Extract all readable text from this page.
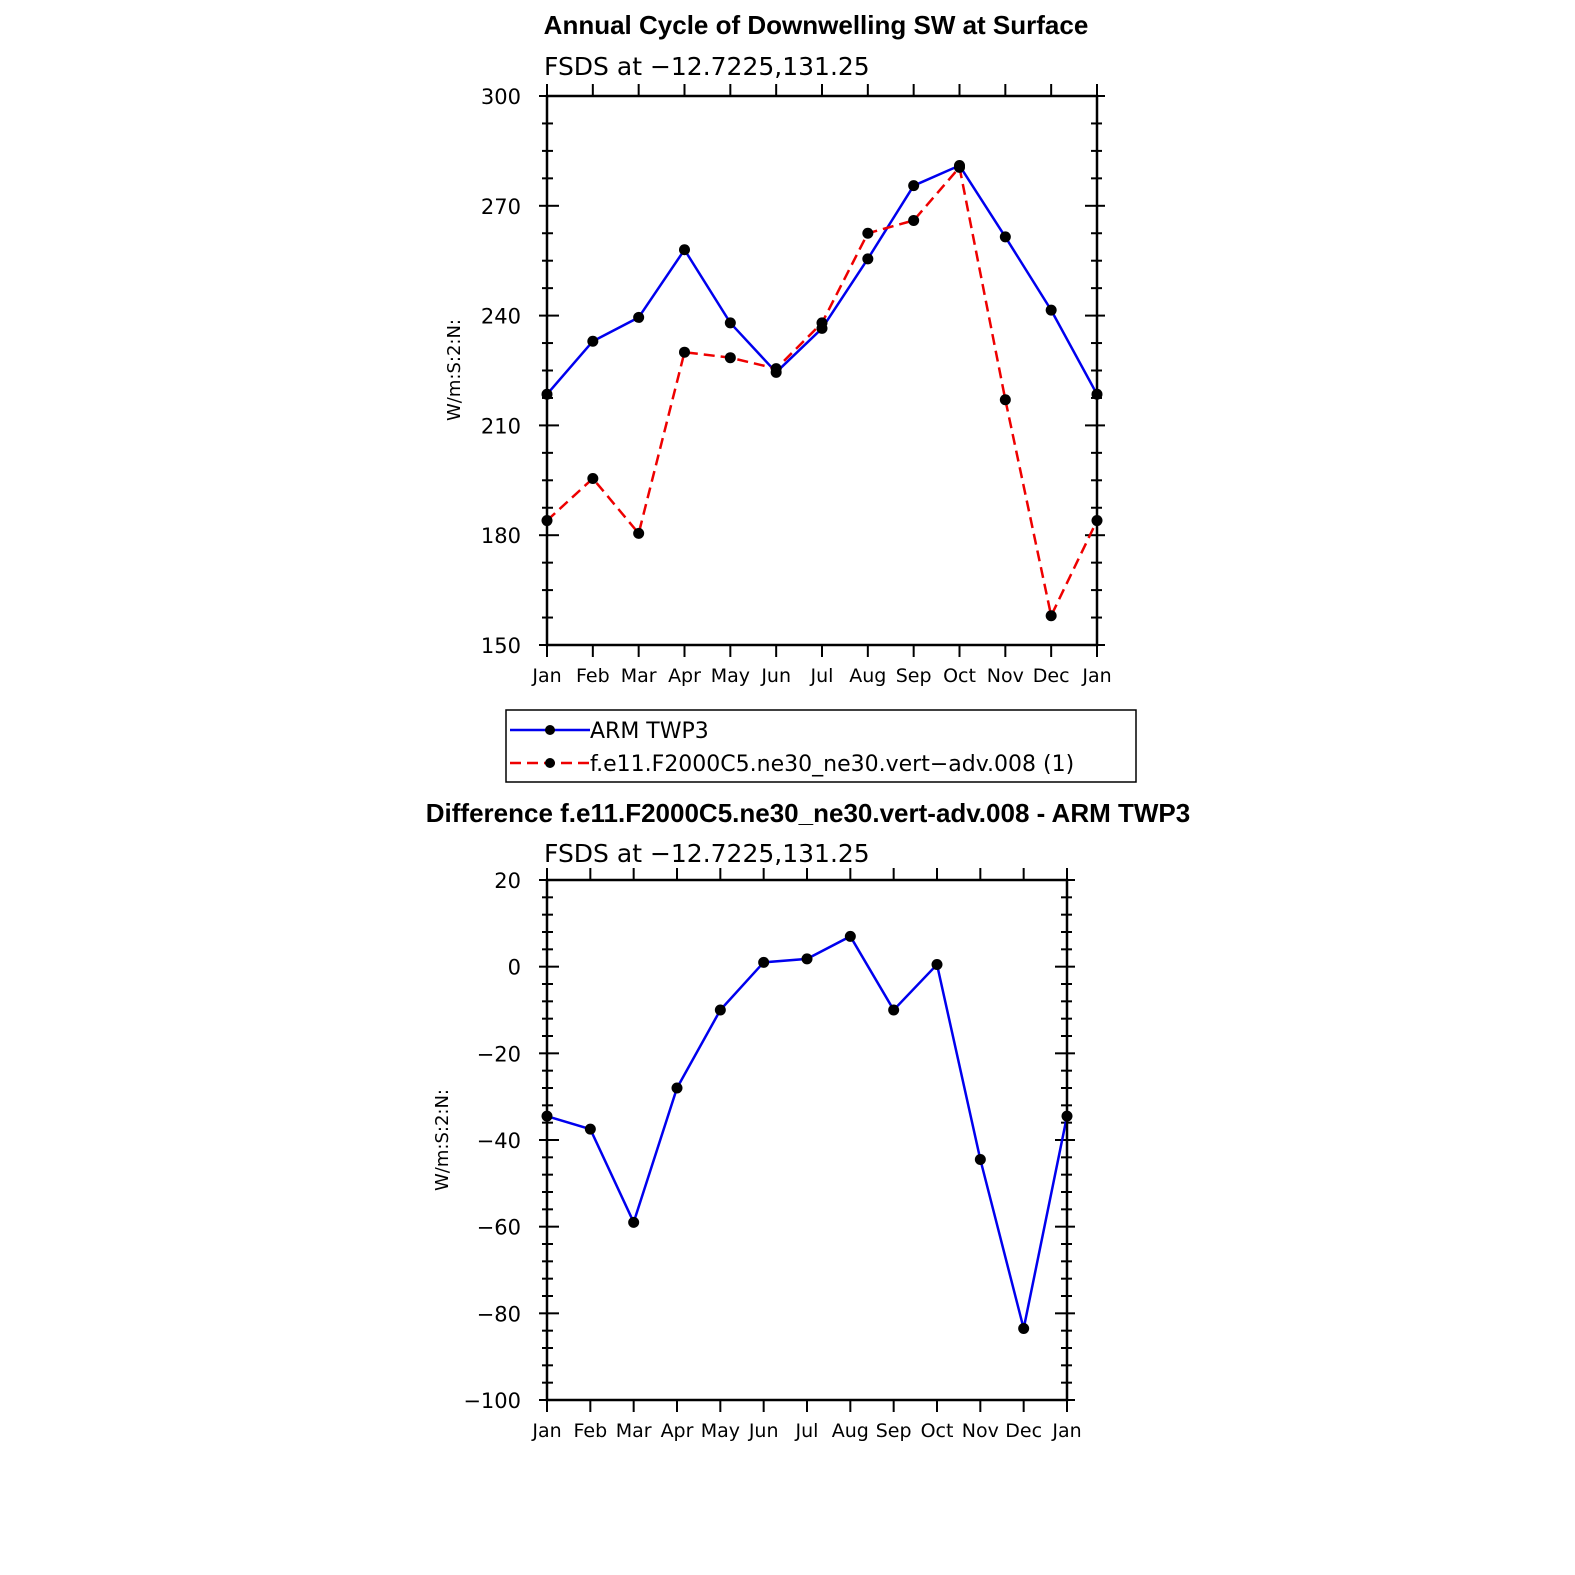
Annual Cycle of Downwelling SW at Surface
FSDS at −12.7225,131.25
W/m:S:2:N:
150
180
210
240
270
300
Jan Feb Mar Apr May Jun Jul Aug Sep Oct Nov Dec Jan
ARM TWP3
f.e11.F2000C5.ne30_ne30.vert−adv.008 (1)
Difference f.e11.F2000C5.ne30_ne30.vert-adv.008 - ARM TWP3
FSDS at −12.7225,131.25
W/m:S:2:N:
−100
−80
−60
−40
−20
0
20
Jan Feb Mar Apr May Jun Jul Aug Sep Oct Nov Dec Jan
